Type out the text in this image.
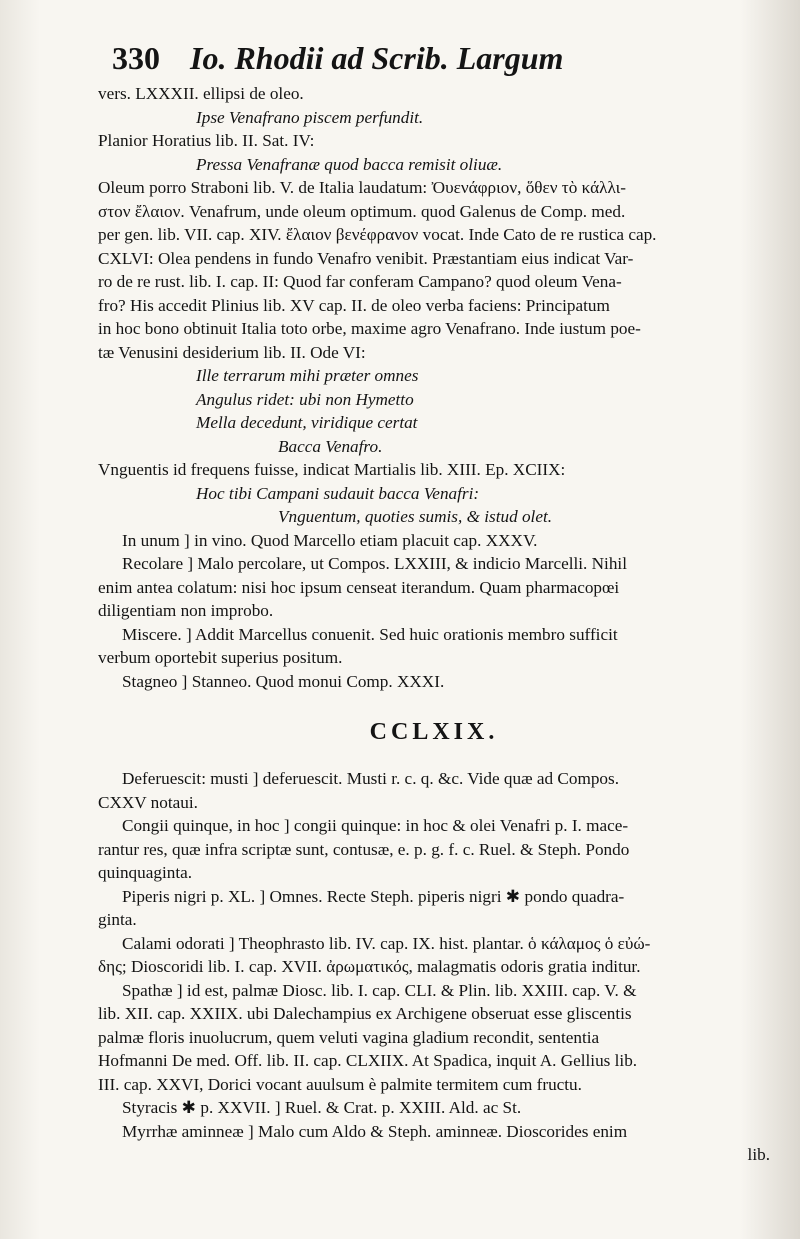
330 Io. Rhodii ad Scrib. Largum
vers. LXXXII. ellipsi de oleo.
Ipse Venafrano piscem perfundit.
Planior Horatius lib. II. Sat. IV:
Pressa Venafranæ quod bacca remisit oliuæ.
Oleum porro Straboni lib. V. de Italia laudatum: Ὀυενάφριον, ὅθεν τὸ κάλλι-
στον ἔλαιον. Venafrum, unde oleum optimum. quod Galenus de Comp. med.
per gen. lib. VII. cap. XIV. ἔλαιον βενέφρανον vocat. Inde Cato de re rustica cap.
CXLVI: Olea pendens in fundo Venafro venibit. Præstantiam eius indicat Var-
ro de re rust. lib. I. cap. II: Quod far conferam Campano? quod oleum Vena-
fro? His accedit Plinius lib. XV cap. II. de oleo verba faciens: Principatum
in hoc bono obtinuit Italia toto orbe, maxime agro Venafrano. Inde iustum poe-
tæ Venusini desiderium lib. II. Ode VI:
Ille terrarum mihi præter omnes
Angulus ridet: ubi non Hymetto
Mella decedunt, viridique certat
Bacca Venafro.
Vnguentis id frequens fuisse, indicat Martialis lib. XIII. Ep. XCIIX:
Hoc tibi Campani sudauit bacca Venafri:
Vnguentum, quoties sumis, & istud olet.
In unum ] in vino. Quod Marcello etiam placuit cap. XXXV.
Recolare ] Malo percolare, ut Compos. LXXIII, & indicio Marcelli. Nihil
enim antea colatum: nisi hoc ipsum censeat iterandum. Quam pharmacopœi
diligentiam non improbo.
Miscere. ] Addit Marcellus conuenit. Sed huic orationis membro sufficit
verbum oportebit superius positum.
Stagneo ] Stanneo. Quod monui Comp. XXXI.
CCLXIX.
Deferuescit: musti ] deferuescit. Musti r. c. q. &c. Vide quæ ad Compos.
CXXV notaui.
Congii quinque, in hoc ] congii quinque: in hoc & olei Venafri p. I. mace-
rantur res, quæ infra scriptæ sunt, contusæ, e. p. g. f. c. Ruel. & Steph. Pondo
quinquaginta.
Piperis nigri p. XL. ] Omnes. Recte Steph. piperis nigri ✱ pondo quadra-
ginta.
Calami odorati ] Theophrasto lib. IV. cap. IX. hist. plantar. ὁ κάλαμος ὁ εὐώ-
δης; Dioscoridi lib. I. cap. XVII. ἀρωματικός, malagmatis odoris gratia inditur.
Spathæ ] id est, palmæ Diosc. lib. I. cap. CLI. & Plin. lib. XXIII. cap. V. &
lib. XII. cap. XXIIX. ubi Dalechampius ex Archigene obseruat esse gliscentis
palmæ floris inuolucrum, quem veluti vagina gladium recondit, sententia
Hofmanni De med. Off. lib. II. cap. CLXIIX. At Spadica, inquit A. Gellius lib.
III. cap. XXVI, Dorici vocant auulsum è palmite termitem cum fructu.
Styracis ✱ p. XXVII. ] Ruel. & Crat. p. XXIII. Ald. ac St.
Myrrhæ aminneæ ] Malo cum Aldo & Steph. aminneæ. Dioscorides enim
lib.
